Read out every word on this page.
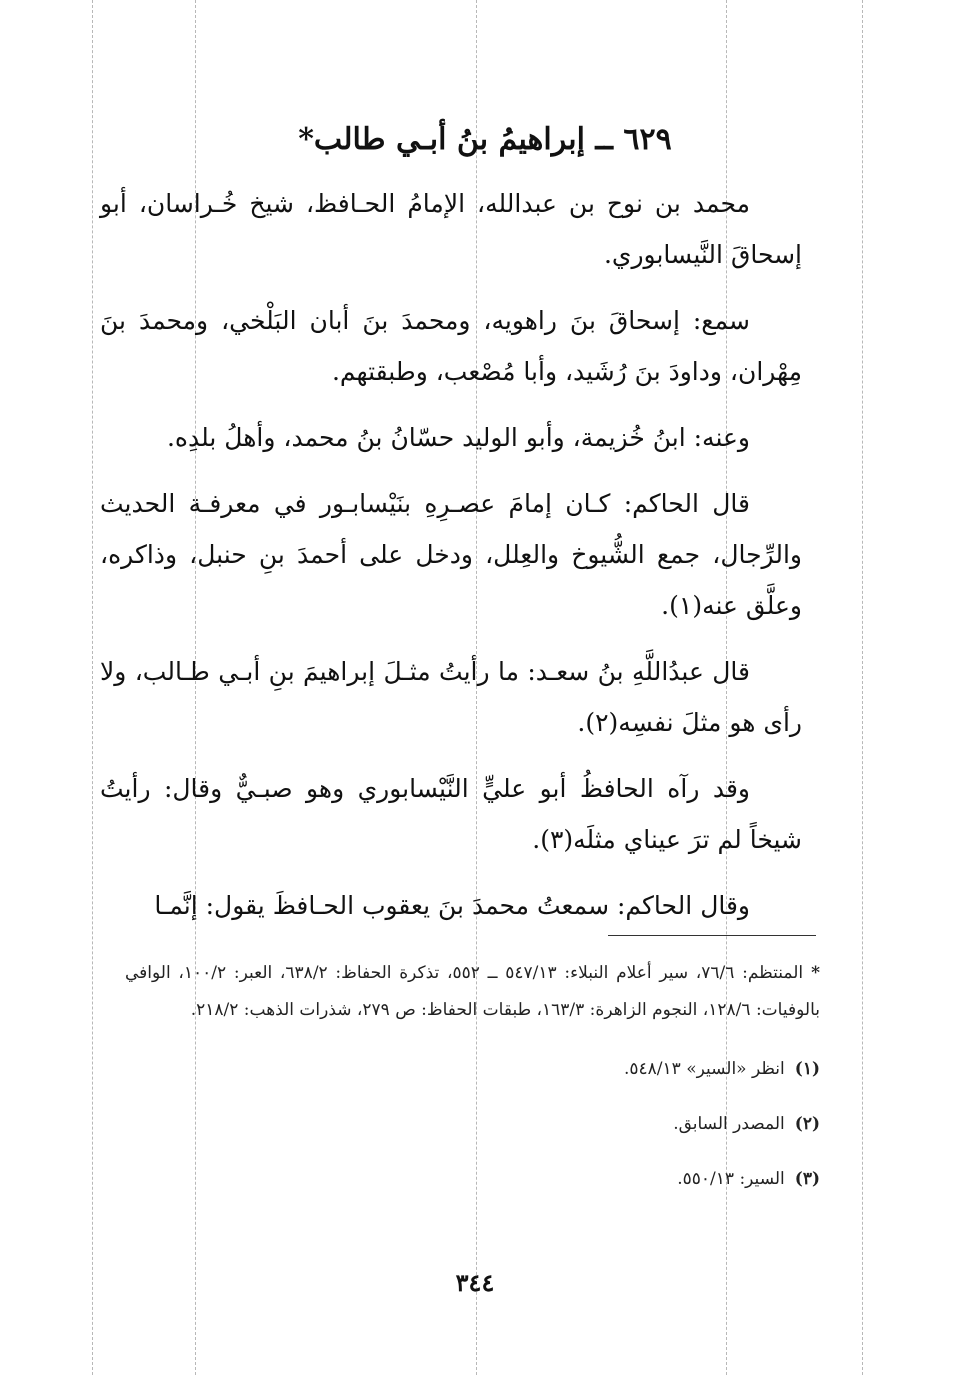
٦٢٩ ــ إبراهيمُ بنُ أبـي طالب*
محمد بن نوح بن عبدالله، الإمامُ الحـافظ، شيخ خُـراسان، أبو إسحاقَ النَّيسابوري.
سمع: إسحاقَ بنَ راهويه، ومحمدَ بنَ أبان البَلْخي، ومحمدَ بنَ مِهْران، وداودَ بنَ رُشَيد، وأبا مُصْعب، وطبقتهم.
وعنه: ابنُ خُزيمة، وأبو الوليد حسّانُ بنُ محمد، وأهلُ بلدِه.
قال الحاكم: كـان إمامَ عصـرِهِ بنَيْسابـور في معرفـة الحديث والرِّجال، جمع الشُّيوخ والعِلل، ودخل على أحمدَ بنِ حنبل، وذاكره، وعلَّق عنه(١).
قال عبدُاللَّهِ بنُ سعـد: ما رأيتُ مثـلَ إبراهيمَ بنِ أبـي طـالب، ولا رأى هو مثلَ نفسِه(٢).
وقد رآه الحافظُ أبو عليٍّ النَّيْسابوري وهو صبـيٌّ وقال: رأيتُ شيخاً لم ترَ عيناي مثلَه(٣).
وقال الحاكم: سمعتُ محمدَ بنَ يعقوب الحـافظَ يقول: إنَّمـا
*المنتظم: ٧٦/٦، سير أعلام النبلاء: ٥٤٧/١٣ ــ ٥٥٢، تذكرة الحفاظ: ٦٣٨/٢، العبر: ١٠٠/٢، الوافي بالوفيات: ١٢٨/٦، النجوم الزاهرة: ١٦٣/٣، طبقات الحفاظ: ص ٢٧٩، شذرات الذهب: ٢١٨/٢.
(١)انظر «السير» ٥٤٨/١٣.
(٢)المصدر السابق.
(٣)السير: ٥٥٠/١٣.
٣٤٤
